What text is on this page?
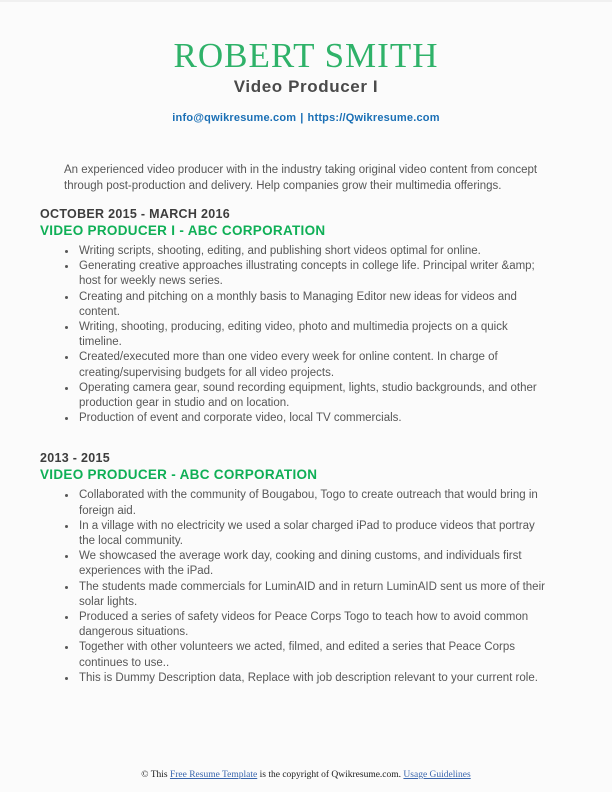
ROBERT SMITH
Video Producer I
info@qwikresume.com | https://Qwikresume.com

An experienced video producer with in the industry taking original video content from concept through post-production and delivery. Help companies grow their multimedia offerings.

OCTOBER 2015 - MARCH 2016
VIDEO PRODUCER I - ABC CORPORATION
• Writing scripts, shooting, editing, and publishing short videos optimal for online.
• Generating creative approaches illustrating concepts in college life. Principal writer &amp; host for weekly news series.
• Creating and pitching on a monthly basis to Managing Editor new ideas for videos and content.
• Writing, shooting, producing, editing video, photo and multimedia projects on a quick timeline.
• Created/executed more than one video every week for online content. In charge of creating/supervising budgets for all video projects.
• Operating camera gear, sound recording equipment, lights, studio backgrounds, and other production gear in studio and on location.
• Production of event and corporate video, local TV commercials.
2013 - 2015
VIDEO PRODUCER - ABC CORPORATION
• Collaborated with the community of Bougabou, Togo to create outreach that would bring in foreign aid.
• In a village with no electricity we used a solar charged iPad to produce videos that portray the local community.
• We showcased the average work day, cooking and dining customs, and individuals first experiences with the iPad.
• The students made commercials for LuminAID and in return LuminAID sent us more of their solar lights.
• Produced a series of safety videos for Peace Corps Togo to teach how to avoid common dangerous situations.
• Together with other volunteers we acted, filmed, and edited a series that Peace Corps continues to use..
• This is Dummy Description data, Replace with job description relevant to your current role.
© This Free Resume Template is the copyright of Qwikresume.com. Usage Guidelines
